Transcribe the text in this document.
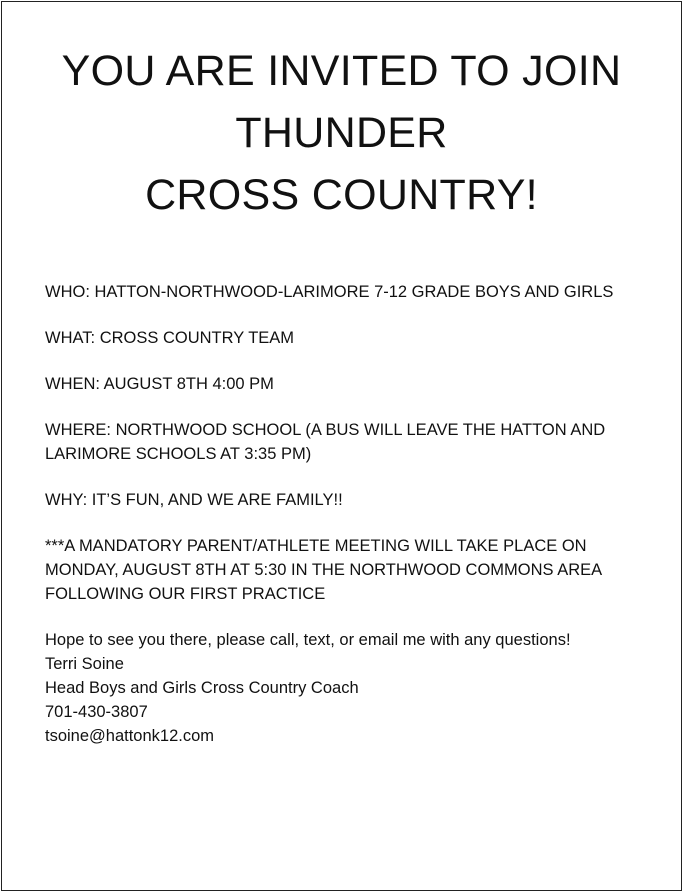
YOU ARE INVITED TO JOIN
THUNDER
CROSS COUNTRY!

WHO: HATTON-NORTHWOOD-LARIMORE 7-12 GRADE BOYS AND GIRLS

WHAT: CROSS COUNTRY TEAM

WHEN: AUGUST 8TH 4:00 PM

WHERE: NORTHWOOD SCHOOL (A BUS WILL LEAVE THE HATTON AND LARIMORE SCHOOLS AT 3:35 PM)

WHY: IT’S FUN, AND WE ARE FAMILY!!

***A MANDATORY PARENT/ATHLETE MEETING WILL TAKE PLACE ON MONDAY, AUGUST 8TH AT 5:30 IN THE NORTHWOOD COMMONS AREA FOLLOWING OUR FIRST PRACTICE

Hope to see you there, please call, text, or email me with any questions!
Terri Soine
Head Boys and Girls Cross Country Coach
701-430-3807
tsoine@hattonk12.com
